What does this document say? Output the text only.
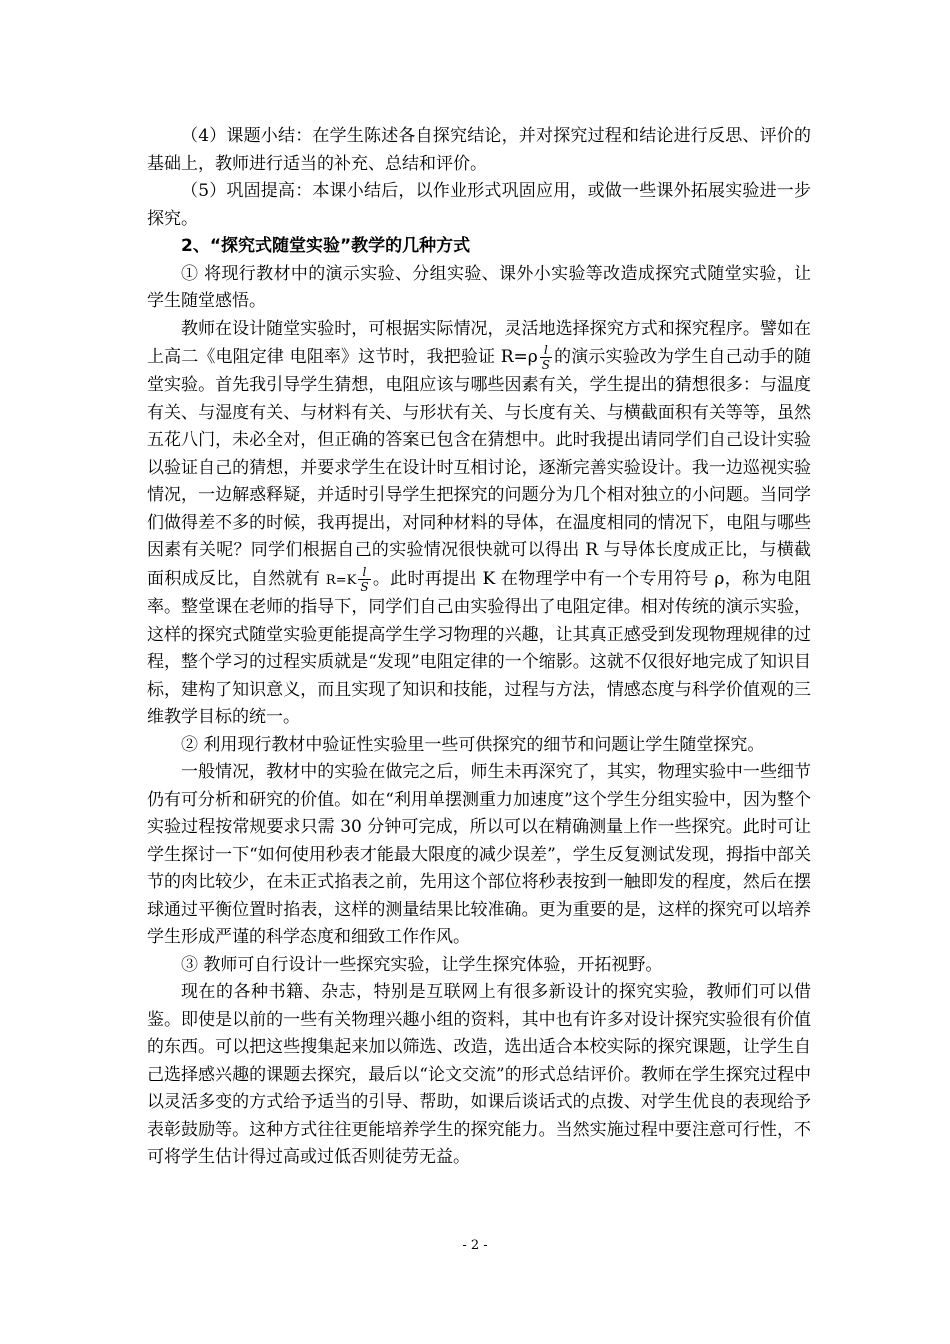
（4）课题小结：在学生陈述各自探究结论，并对探究过程和结论进行反思、评价的基础上，教师进行适当的补充、总结和评价。

（5）巩固提高：本课小结后，以作业形式巩固应用，或做一些课外拓展实验进一步探究。

2、“探究式随堂实验”教学的几种方式

① 将现行教材中的演示实验、分组实验、课外小实验等改造成探究式随堂实验，让学生随堂感悟。

教师在设计随堂实验时，可根据实际情况，灵活地选择探究方式和探究程序。譬如在上高二《电阻定律 电阻率》这节时，我把验证 $R=\rho \frac{l}{S}$ 的演示实验改为学生自己动手的随堂实验。首先我引导学生猜想，电阻应该与哪些因素有关，学生提出的猜想很多：与温度有关、与湿度有关、与材料有关、与形状有关、与长度有关、与横截面积有关等等，虽然五花八门，未必全对，但正确的答案已包含在猜想中。此时我提出请同学们自己设计实验以验证自己的猜想，并要求学生在设计时互相讨论，逐渐完善实验设计。我一边巡视实验情况，一边解惑释疑，并适时引导学生把探究的问题分为几个相对独立的小问题。当同学们做得差不多的时候，我再提出，对同种材料的导体，在温度相同的情况下，电阻与哪些因素有关呢？同学们根据自己的实验情况很快就可以得出 R 与导体长度成正比，与横截面积成反比，自然就有 $R=K \frac{l}{S}$ 。此时再提出 K 在物理学中有一个专用符号 ρ，称为电阻率。整堂课在老师的指导下，同学们自己由实验得出了电阻定律。相对传统的演示实验，这样的探究式随堂实验更能提高学生学习物理的兴趣，让其真正感受到发现物理规律的过程，整个学习的过程实质就是“发现”电阻定律的一个缩影。这就不仅很好地完成了知识目标，建构了知识意义，而且实现了知识和技能，过程与方法，情感态度与科学价值观的三维教学目标的统一。

② 利用现行教材中验证性实验里一些可供探究的细节和问题让学生随堂探究。

一般情况，教材中的实验在做完之后，师生未再深究了，其实，物理实验中一些细节仍有可分析和研究的价值。如在“利用单摆测重力加速度”这个学生分组实验中，因为整个实验过程按常规要求只需 30 分钟可完成，所以可以在精确测量上作一些探究。此时可让学生探讨一下“如何使用秒表才能最大限度的减少误差”，学生反复测试发现，拇指中部关节的肉比较少，在未正式掐表之前，先用这个部位将秒表按到一触即发的程度，然后在摆球通过平衡位置时掐表，这样的测量结果比较准确。更为重要的是，这样的探究可以培养学生形成严谨的科学态度和细致工作作风。

③ 教师可自行设计一些探究实验，让学生探究体验，开拓视野。

现在的各种书籍、杂志，特别是互联网上有很多新设计的探究实验，教师们可以借鉴。即使是以前的一些有关物理兴趣小组的资料，其中也有许多对设计探究实验很有价值的东西。可以把这些搜集起来加以筛选、改造，选出适合本校实际的探究课题，让学生自己选择感兴趣的课题去探究，最后以“论文交流”的形式总结评价。教师在学生探究过程中以灵活多变的方式给予适当的引导、帮助，如课后谈话式的点拨、对学生优良的表现给予表彰鼓励等。这种方式往往更能培养学生的探究能力。当然实施过程中要注意可行性，不可将学生估计得过高或过低否则徒劳无益。

- 2 -
